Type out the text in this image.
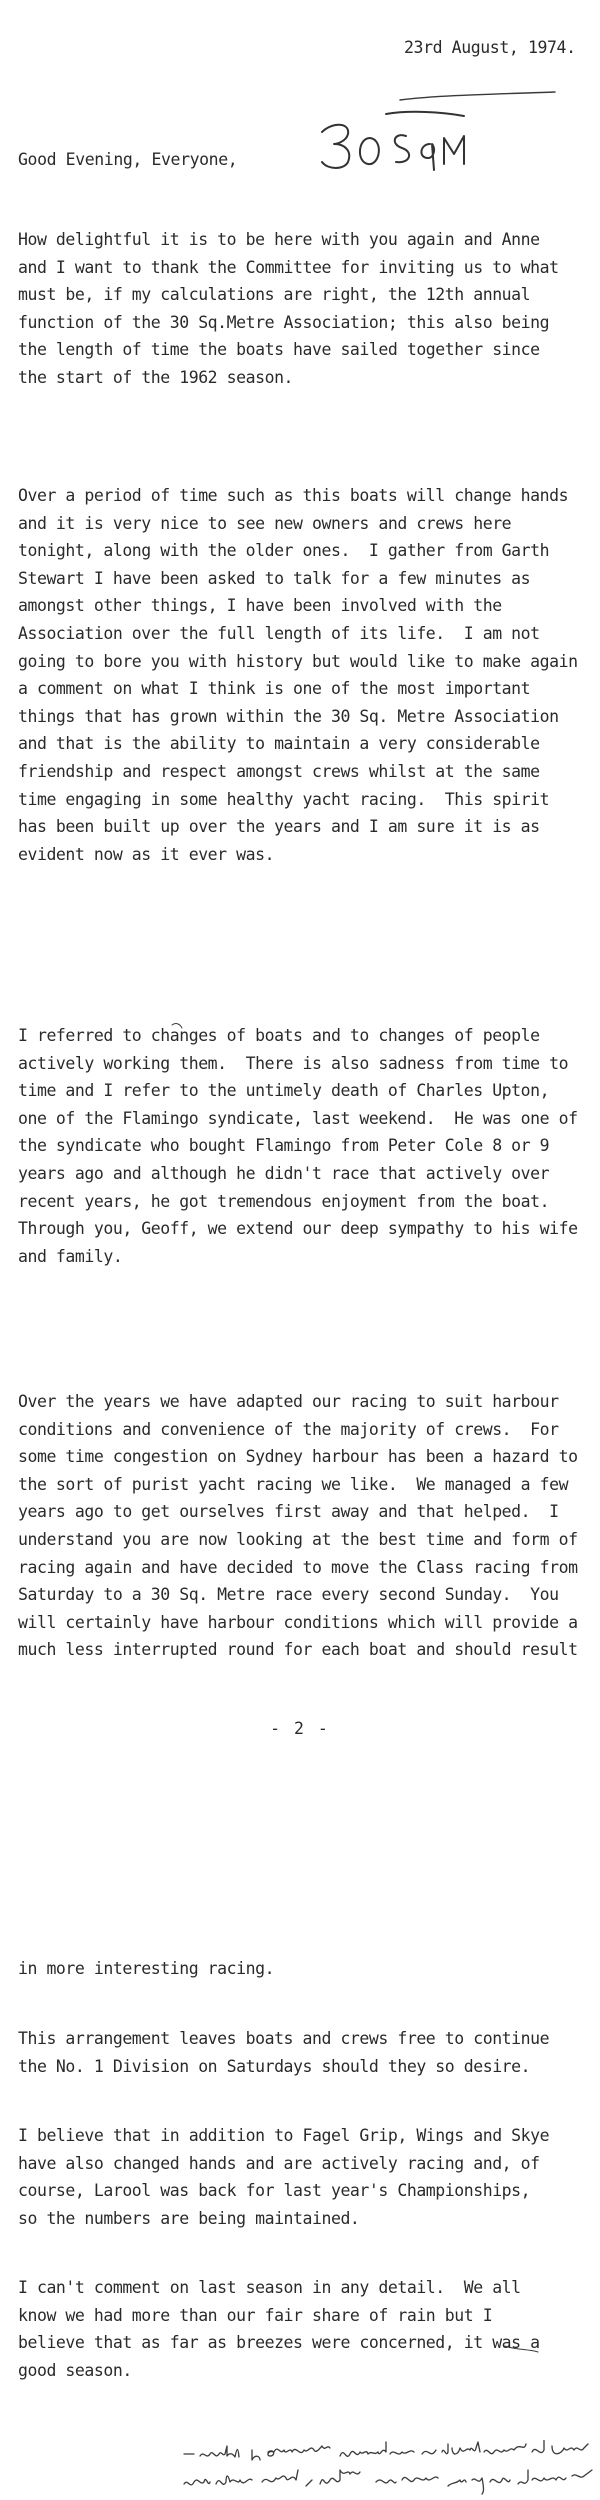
23rd August, 1974.
Good Evening, Everyone,

How delightful it is to be here with you again and Anne
and I want to thank the Committee for inviting us to what
must be, if my calculations are right, the 12th annual
function of the 30 Sq.Metre Association; this also being
the length of time the boats have sailed together since
the start of the 1962 season.

Over a period of time such as this boats will change hands
and it is very nice to see new owners and crews here
tonight, along with the older ones.  I gather from Garth
Stewart I have been asked to talk for a few minutes as
amongst other things, I have been involved with the
Association over the full length of its life.  I am not
going to bore you with history but would like to make again
a comment on what I think is one of the most important
things that has grown within the 30 Sq. Metre Association
and that is the ability to maintain a very considerable
friendship and respect amongst crews whilst at the same
time engaging in some healthy yacht racing.  This spirit
has been built up over the years and I am sure it is as
evident now as it ever was.

I referred to changes of boats and to changes of people
actively working them.  There is also sadness from time to
time and I refer to the untimely death of Charles Upton,
one of the Flamingo syndicate, last weekend.  He was one of
the syndicate who bought Flamingo from Peter Cole 8 or 9
years ago and although he didn't race that actively over
recent years, he got tremendous enjoyment from the boat.
Through you, Geoff, we extend our deep sympathy to his wife
and family.

Over the years we have adapted our racing to suit harbour
conditions and convenience of the majority of crews.  For
some time congestion on Sydney harbour has been a hazard to
the sort of purist yacht racing we like.  We managed a few
years ago to get ourselves first away and that helped.  I
understand you are now looking at the best time and form of
racing again and have decided to move the Class racing from
Saturday to a 30 Sq. Metre race every second Sunday.  You
will certainly have harbour conditions which will provide a
much less interrupted round for each boat and should result

- 2 -

in more interesting racing.

This arrangement leaves boats and crews free to continue
the No. 1 Division on Saturdays should they so desire.

I believe that in addition to Fagel Grip, Wings and Skye
have also changed hands and are actively racing and, of
course, Larool was back for last year's Championships,
so the numbers are being maintained.

I can't comment on last season in any detail.  We all
know we had more than our fair share of rain but I
believe that as far as breezes were concerned, it was a
good season.
